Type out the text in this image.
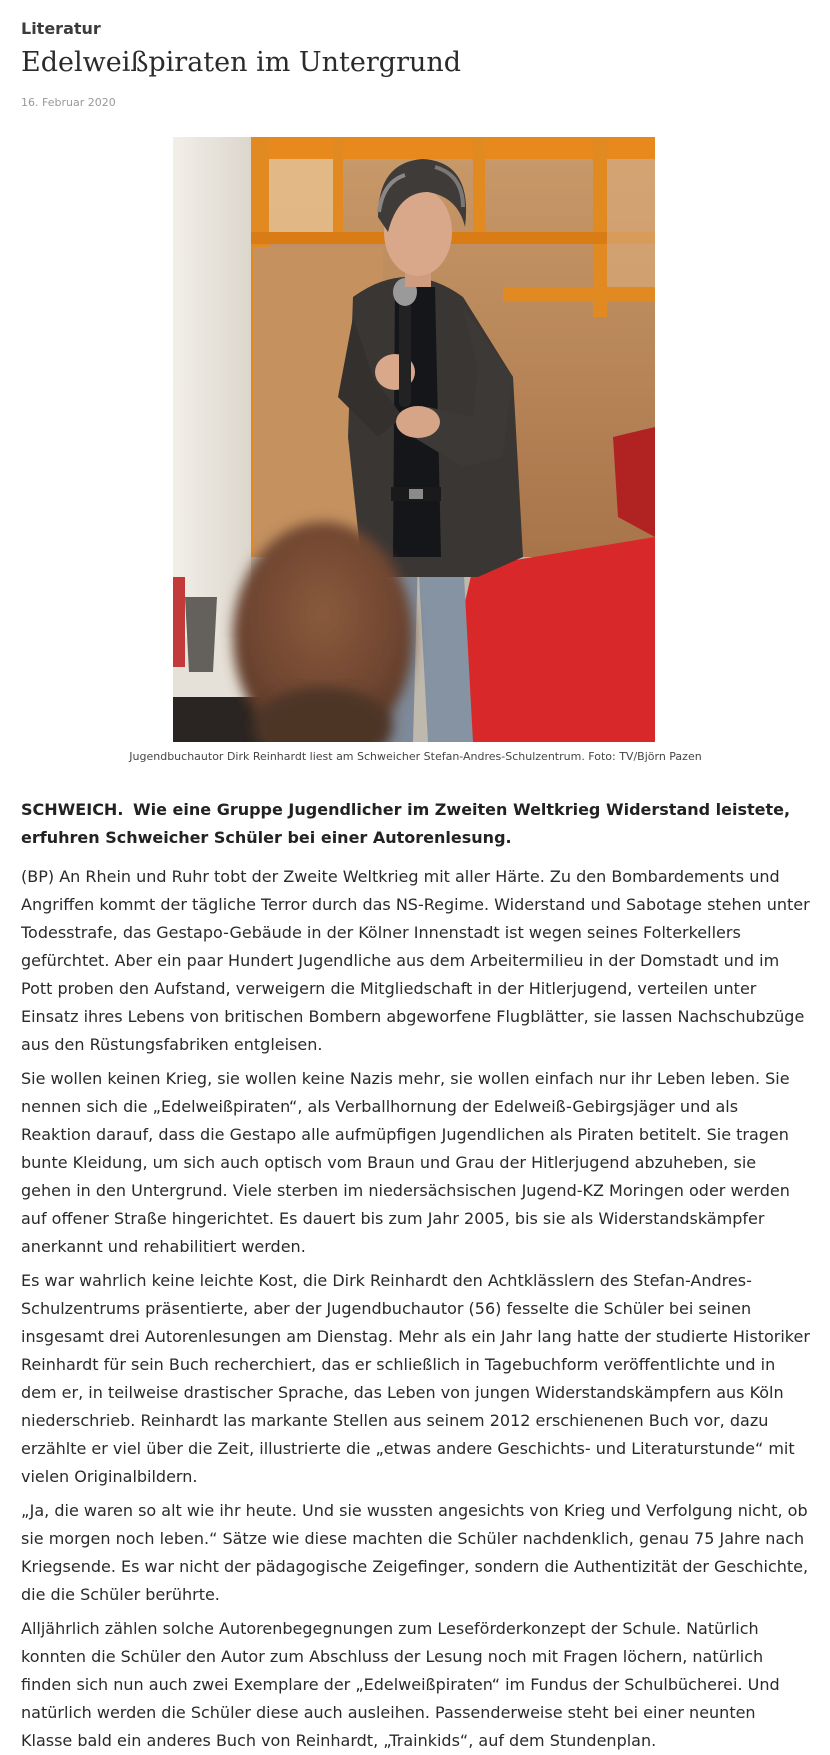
Literatur
Edelweißpiraten im Untergrund
16. Februar 2020
Jugendbuchautor Dirk Reinhardt liest am Schweicher Stefan-Andres-Schulzentrum. Foto: TV/Björn Pazen

SCHWEICH. Wie eine Gruppe Jugendlicher im Zweiten Weltkrieg Widerstand leistete, erfuhren Schweicher Schüler bei einer Autorenlesung.

(BP) An Rhein und Ruhr tobt der Zweite Weltkrieg mit aller Härte. Zu den Bombardements und Angriffen kommt der tägliche Terror durch das NS-Regime. Widerstand und Sabotage stehen unter Todesstrafe, das Gestapo-Gebäude in der Kölner Innenstadt ist wegen seines Folterkellers gefürchtet. Aber ein paar Hundert Jugendliche aus dem Arbeitermilieu in der Domstadt und im Pott proben den Aufstand, verweigern die Mitgliedschaft in der Hitlerjugend, verteilen unter Einsatz ihres Lebens von britischen Bombern abgeworfene Flugblätter, sie lassen Nachschubzüge aus den Rüstungsfabriken entgleisen.

Sie wollen keinen Krieg, sie wollen keine Nazis mehr, sie wollen einfach nur ihr Leben leben. Sie nennen sich die „Edelweißpiraten“, als Verballhornung der Edelweiß-Gebirgsjäger und als Reaktion darauf, dass die Gestapo alle aufmüpfigen Jugendlichen als Piraten betitelt. Sie tragen bunte Kleidung, um sich auch optisch vom Braun und Grau der Hitlerjugend abzuheben, sie gehen in den Untergrund. Viele sterben im niedersächsischen Jugend-KZ Moringen oder werden auf offener Straße hingerichtet. Es dauert bis zum Jahr 2005, bis sie als Widerstandskämpfer anerkannt und rehabilitiert werden.

Es war wahrlich keine leichte Kost, die Dirk Reinhardt den Achtklässlern des Stefan-Andres-Schulzentrums präsentierte, aber der Jugendbuchautor (56) fesselte die Schüler bei seinen insgesamt drei Autorenlesungen am Dienstag. Mehr als ein Jahr lang hatte der studierte Historiker Reinhardt für sein Buch recherchiert, das er schließlich in Tagebuchform veröffentlichte und in dem er, in teilweise drastischer Sprache, das Leben von jungen Widerstandskämpfern aus Köln niederschrieb. Reinhardt las markante Stellen aus seinem 2012 erschienenen Buch vor, dazu erzählte er viel über die Zeit, illustrierte die „etwas andere Geschichts- und Literaturstunde“ mit vielen Originalbildern.

„Ja, die waren so alt wie ihr heute. Und sie wussten angesichts von Krieg und Verfolgung nicht, ob sie morgen noch leben.“ Sätze wie diese machten die Schüler nachdenklich, genau 75 Jahre nach Kriegsende. Es war nicht der pädagogische Zeigefinger, sondern die Authentizität der Geschichte, die die Schüler berührte.

Alljährlich zählen solche Autorenbegegnungen zum Leseförderkonzept der Schule. Natürlich konnten die Schüler den Autor zum Abschluss der Lesung noch mit Fragen löchern, natürlich finden sich nun auch zwei Exemplare der „Edelweißpiraten“ im Fundus der Schulbücherei. Und natürlich werden die Schüler diese auch ausleihen. Passenderweise steht bei einer neunten Klasse bald ein anderes Buch von Reinhardt, „Trainkids“, auf dem Stundenplan.
